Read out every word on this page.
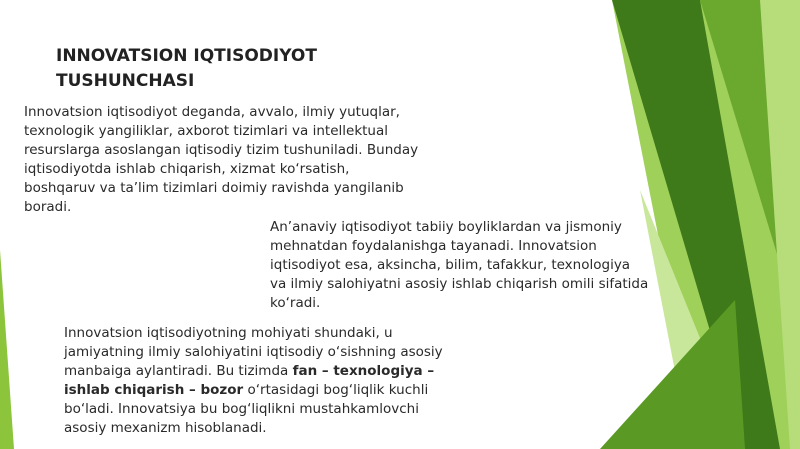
INNOVATSION IQTISODIYOT TUSHUNCHASI
Innovatsion iqtisodiyot deganda, avvalo, ilmiy yutuqlar, texnologik yangiliklar, axborot tizimlari va intellektual resurslarga asoslangan iqtisodiy tizim tushuniladi. Bunday iqtisodiyotda ishlab chiqarish, xizmat ko‘rsatish, boshqaruv va ta’lim tizimlari doimiy ravishda yangilanib boradi.
An’anaviy iqtisodiyot tabiiy boyliklardan va jismoniy mehnatdan foydalanishga tayanadi. Innovatsion iqtisodiyot esa, aksincha, bilim, tafakkur, texnologiya va ilmiy salohiyatni asosiy ishlab chiqarish omili sifatida ko‘radi.
Innovatsion iqtisodiyotning mohiyati shundaki, u jamiyatning ilmiy salohiyatini iqtisodiy o‘sishning asosiy manbaiga aylantiradi. Bu tizimda fan – texnologiya – ishlab chiqarish – bozor o‘rtasidagi bog‘liqlik kuchli bo‘ladi. Innovatsiya bu bog‘liqlikni mustahkamlovchi asosiy mexanizm hisoblanadi.
